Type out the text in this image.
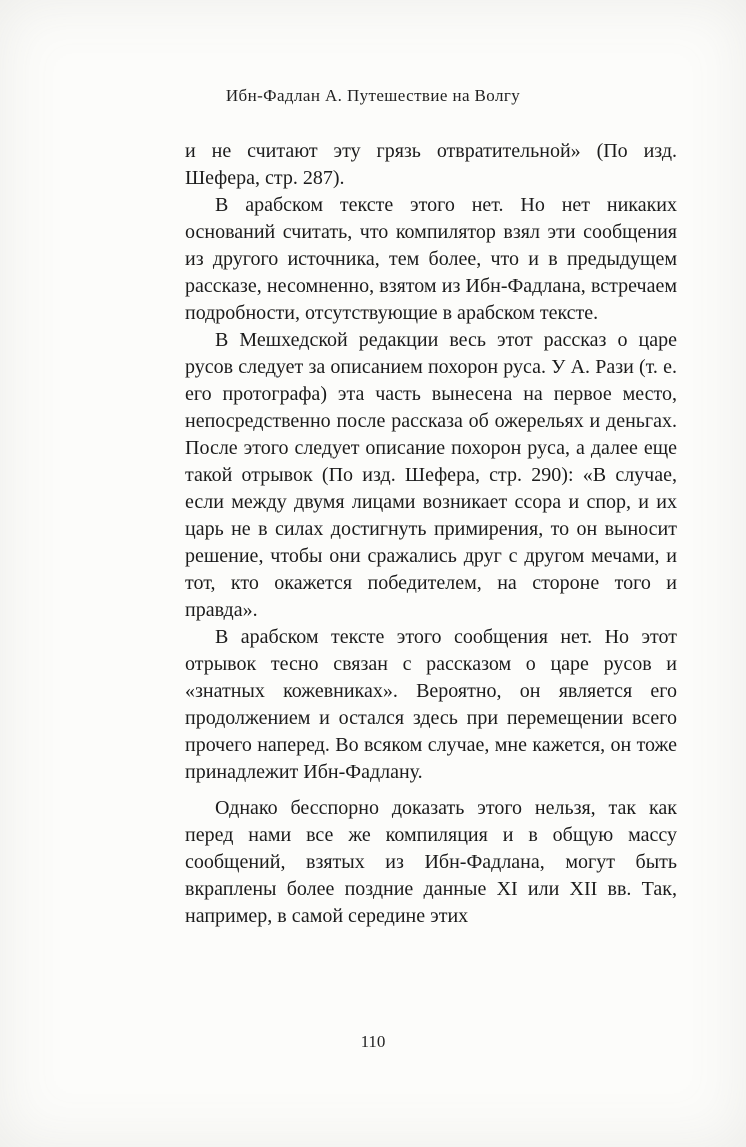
Ибн-Фадлан А. Путешествие на Волгу

и не считают эту грязь отвратительной» (По изд. Шефера, стр. 287).

В арабском тексте этого нет. Но нет никаких оснований считать, что компилятор взял эти сообщения из другого источника, тем более, что и в предыдущем рассказе, несомненно, взятом из Ибн-Фадлана, встречаем подробности, отсутствующие в арабском тексте.

В Мешхедской редакции весь этот рассказ о царе русов следует за описанием похорон руса. У А. Рази (т. е. его протографа) эта часть вынесена на первое место, непосредственно после рассказа об ожерельях и деньгах. После этого следует описание похорон руса, а далее еще такой отрывок (По изд. Шефера, стр. 290): «В случае, если между двумя лицами возникает ссора и спор, и их царь не в силах достигнуть примирения, то он выносит решение, чтобы они сражались друг с другом мечами, и тот, кто окажется победителем, на стороне того и правда».

В арабском тексте этого сообщения нет. Но этот отрывок тесно связан с рассказом о царе русов и «знатных кожевниках». Вероятно, он является его продолжением и остался здесь при перемещении всего прочего наперед. Во всяком случае, мне кажется, он тоже принадлежит Ибн-Фадлану.

Однако бесспорно доказать этого нельзя, так как перед нами все же компиляция и в общую массу сообщений, взятых из Ибн-Фадлана, могут быть вкраплены более поздние данные XI или XII вв. Так, например, в самой середине этих

110
